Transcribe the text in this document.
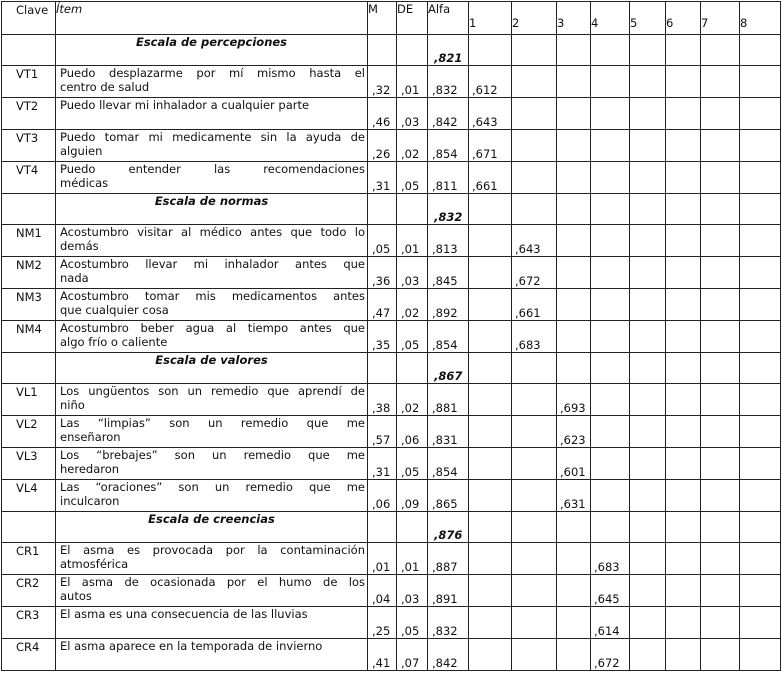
Clave	Ítem	M	DE	Alfa	1	2	3	4	5	6	7	8

	Escala de percepciones			,821								
VT1	Puedo desplazarme por mí mismo hasta el
centro de salud	,32	,01	,832	,612							
VT2	Puedo llevar mi inhalador a cualquier parte	,46	,03	,842	,643							
VT3	Puedo tomar mi medicamente sin la ayuda de
alguien	,26	,02	,854	,671							
VT4	Puedo entender las recomendaciones
médicas	,31	,05	,811	,661							
	Escala de normas			,832								
NM1	Acostumbro visitar al médico antes que todo lo
demás	,05	,01	,813		,643						
NM2	Acostumbro llevar mi inhalador antes que
nada	,36	,03	,845		,672						
NM3	Acostumbro tomar mis medicamentos antes
que cualquier cosa	,47	,02	,892		,661						
NM4	Acostumbro beber agua al tiempo antes que
algo frío o caliente	,35	,05	,854		,683						
	Escala de valores			,867								
VL1	Los ungüentos son un remedio que aprendí de
niño	,38	,02	,881			,693					
VL2	Las “limpias” son un remedio que me
enseñaron	,57	,06	,831			,623					
VL3	Los “brebajes” son un remedio que me
heredaron	,31	,05	,854			,601					
VL4	Las “oraciones” son un remedio que me
inculcaron	,06	,09	,865			,631					
	Escala de creencias			,876								
CR1	El asma es provocada por la contaminación
atmosférica	,01	,01	,887				,683				
CR2	El asma de ocasionada por el humo de los
autos	,04	,03	,891				,645				
CR3	El asma es una consecuencia de las lluvias	,25	,05	,832				,614				
CR4	El asma aparece en la temporada de invierno	,41	,07	,842				,672				
